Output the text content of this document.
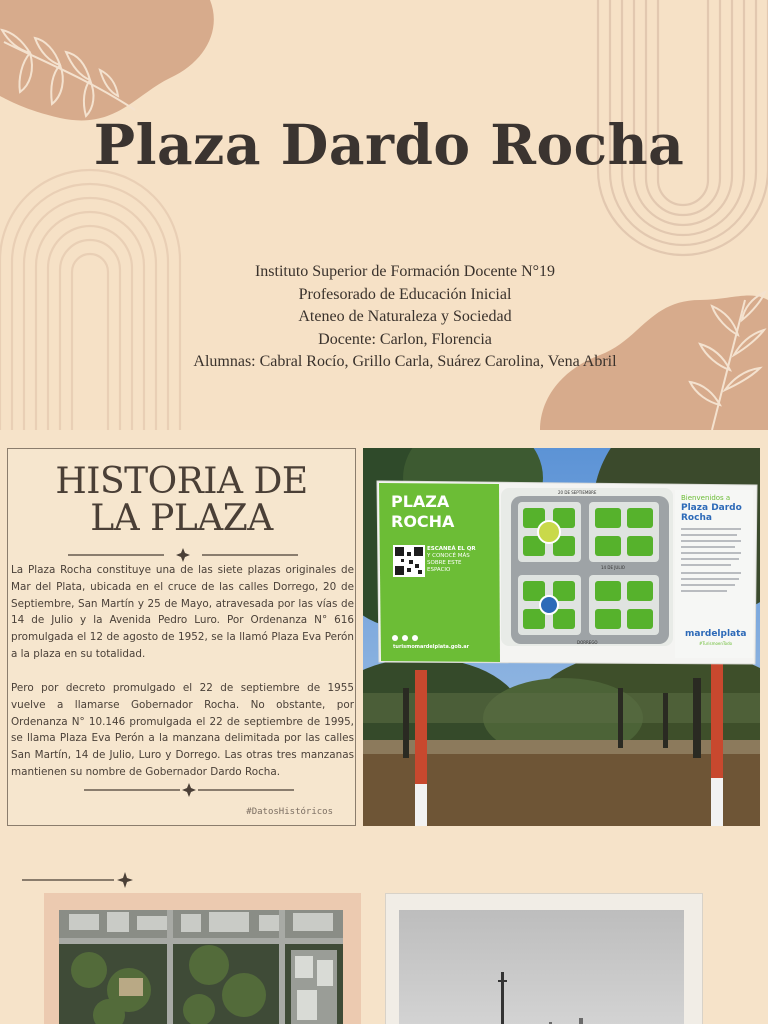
Plaza Dardo Rocha
Instituto Superior de Formación Docente N°19
Profesorado de Educación Inicial
Ateneo de Naturaleza y Sociedad
Docente: Carlon, Florencia
Alumnas: Cabral Rocío, Grillo Carla, Suárez Carolina, Vena Abril
HISTORIA DE
LA PLAZA

La Plaza Rocha constituye una de las siete plazas originales de Mar del Plata, ubicada en el cruce de las calles Dorrego, 20 de Septiembre, San Martín y 25 de Mayo, atravesada por las vías de 14 de Julio y la Avenida Pedro Luro. Por Ordenanza N° 616 promulgada el 12 de agosto de 1952, se la llamó Plaza Eva Perón a la plaza en su totalidad.

Pero por decreto promulgado el 22 de septiembre de 1955 vuelve a llamarse Gobernador Rocha. No obstante, por Ordenanza N° 10.146 promulgada el 22 de septiembre de 1995, se llama Plaza Eva Perón a la manzana delimitada por las calles San Martín, 14 de Julio, Luro y Dorrego. Las otras tres manzanas mantienen su nombre de Gobernador Dardo Rocha.

#DatosHistóricos
PLAZA
ROCHA
ESCANEÁ EL QR
Y CONOCÉ MÁS
SOBRE ESTE
ESPACIO
turismomardelplata.gob.ar
20 DE SEPTIEMBRE
14 DE JULIO
DORREGO
Bienvenidos a
Plaza Dardo
Rocha
mardelplata
#TurismoenTodo
